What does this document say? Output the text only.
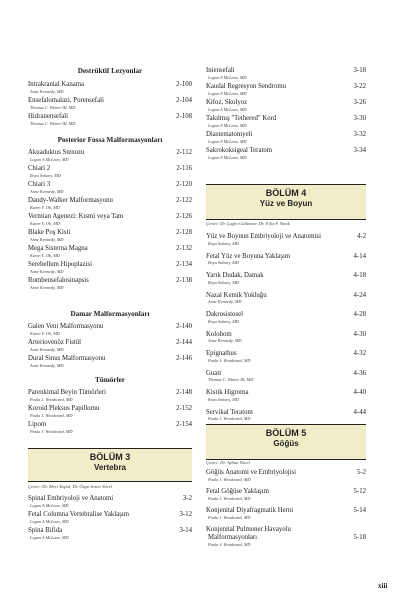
Destrüktif Lezyonlar
Intrakranial Kanama	2-100
Anne Kennedy, MD
Ensefalomalazi, Porensefali	2-104
Thomas C. Winter III, MD
Hidranensefali	2-108
Thomas C. Winter III, MD
Posterior Fossa Malformasyonları
Akuaduktus Stenozu	2-112
Logan A McLean, MD
Chiari 2	2-116
Roya Sohaey, MD
Chiari 3	2-120
Anne Kennedy, MD
Dandy-Walker Malformasyonu	2-122
Karen Y. Oh, MD
Vermian Agenezi: Kısmi veya Tam	2-126
Karen Y. Oh, MD
Blake Poş Kisti	2-128
Anne Kennedy, MD
Mega Sisterna Magna	2-132
Karen Y. Oh, MD
Serebellum Hipoplazisi	2-134
Anne Kennedy, MD
Rombensefalosinapsis	2-138
Anne Kennedy, MD
Damar Malformasyonları
Galen Veni Malformasyonu	2-140
Karen Y. Oh, MD
Arteriovenöz Fistül	2-144
Anne Kennedy, MD
Dural Sinus Malformasyonu	2-146
Anne Kennedy, MD
Tümörler
Parenkimal Beyin Tümörleri	2-148
Paula J. Woodward, MD
Koroid Pleksus Papillomu	2-152
Paula J. Woodward, MD
Lipom	2-154
Paula J. Woodward, MD
BÖLÜM 3
Vertebra
Çeviri: Dr. Mert Yaşlal, Dr. Özgü Sezen Yücel
Spinal Embriyoloji ve Anatomi	3-2
Logan A McLean, MD
Fetal Columna Vertebralise Yaklaşım	3-12
Logan A McLean, MD
Spina Bifida	3-14
Logan A McLean, MD
Iniensefali	3-18
Logan A McLean, MD
Kaudal Regresyon Sendromu	3-22
Logan A McLean, MD
Kifoz, Skolyoz	3-26
Logan A McLean, MD
Takılmış "Tethered" Kord	3-30
Logan A McLean, MD
Diastematomyeli	3-32
Logan A McLean, MD
Sakrokoksigeal Teratom	3-34
Logan A McLean, MD
BÖLÜM 4
Yüz ve Boyun
Çeviri: Dr. Çağrı Gülümser, Dr. Filiz F. Yanık
Yüz ve Boynun Embriyoloji ve Anatomisi	4-2
Roya Sohaey, MD
Fetal Yüz ve Boyuna Yaklaşım	4-14
Roya Sohaey, MD
Yarık Dudak, Damak	4-18
Roya Sohaey, MD
Nazal Kemik Yokluğu	4-24
Anne Kennedy, MD
Dakrosistosel	4-28
Roya Sohaey, MD
Kolobom	4-30
Anne Kennedy, MD
Epignathus	4-32
Paula J. Woodward, MD
Guatr	4-36
Thomas C. Winter III, MD
Kistik Higroma	4-40
Roya Sohaey, MD
Servikal Teratom	4-44
Paula J. Woodward, MD
BÖLÜM 5
Göğüs
Çeviri: Dr. Ayhan Yücel
Göğüs Anatomi ve Embriyolojisi	5-2
Paula J. Woodward, MD
Fetal Göğüse Yaklaşım	5-12
Paula J. Woodward, MD
Konjenital Diyafragmatik Herni	5-14
Paula J. Woodward, MD
Konjenital Pulmoner Havayolu
Malformasyonları	5-18
Paula J. Woodward, MD
xiii
